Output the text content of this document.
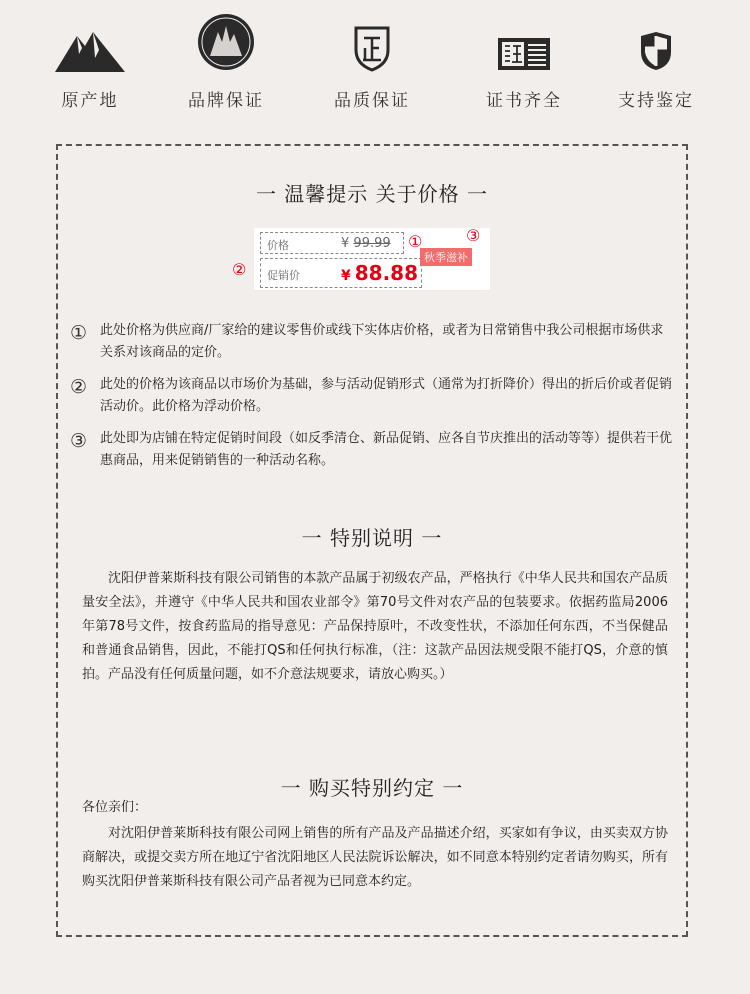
原产地	品牌保证	品质保证	证书齐全	支持鉴定
一 温馨提示 关于价格 一
价格	¥ 99.99
促销价	¥ 88.88
秋季滋补
①
②
③
① 此处价格为供应商/厂家给的建议零售价或线下实体店价格，或者为日常销售中我公司根据市场供求关系对该商品的定价。
② 此处的价格为该商品以市场价为基础，参与活动促销形式（通常为打折降价）得出的折后价或者促销活动价。此价格为浮动价格。
③ 此处即为店铺在特定促销时间段（如反季清仓、新品促销、应各自节庆推出的活动等等）提供若干优惠商品，用来促销销售的一种活动名称。
一 特别说明 一
沈阳伊普莱斯科技有限公司销售的本款产品属于初级农产品，严格执行《中华人民共和国农产品质量安全法》，并遵守《中华人民共和国农业部令》第70号文件对农产品的包装要求。依据药监局2006年第78号文件，按食药监局的指导意见：产品保持原叶，不改变性状，不添加任何东西，不当保健品和普通食品销售，因此，不能打QS和任何执行标准，（注：这款产品因法规受限不能打QS，介意的慎拍。产品没有任何质量问题，如不介意法规要求，请放心购买。）
一 购买特别约定 一
各位亲们：
对沈阳伊普莱斯科技有限公司网上销售的所有产品及产品描述介绍，买家如有争议，由买卖双方协商解决，或提交卖方所在地辽宁省沈阳地区人民法院诉讼解决，如不同意本特别约定者请勿购买，所有购买沈阳伊普莱斯科技有限公司产品者视为已同意本约定。
